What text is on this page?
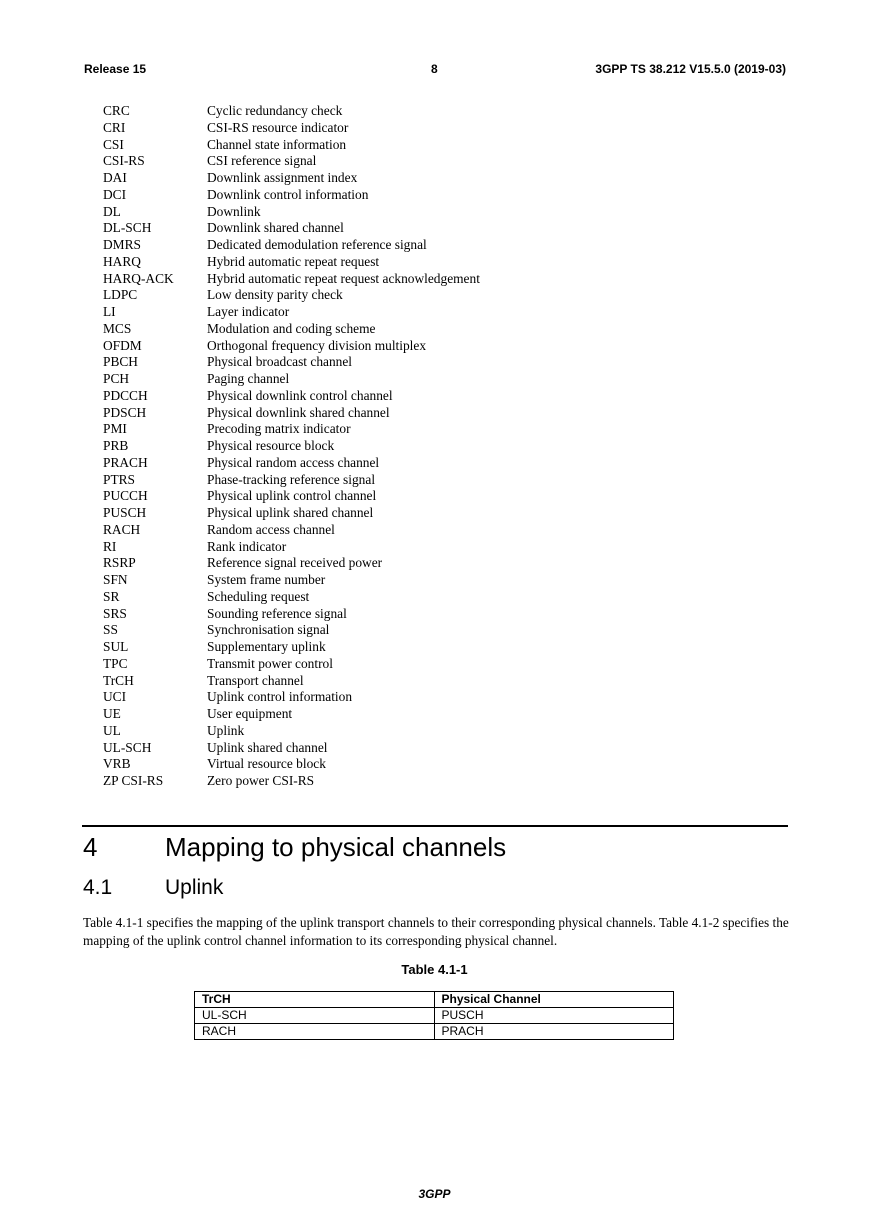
Release 15	8	3GPP TS 38.212 V15.5.0 (2019-03)
CRC	Cyclic redundancy check
CRI	CSI-RS resource indicator
CSI	Channel state information
CSI-RS	CSI reference signal
DAI	Downlink assignment index
DCI	Downlink control information
DL	Downlink
DL-SCH	Downlink shared channel
DMRS	Dedicated demodulation reference signal
HARQ	Hybrid automatic repeat request
HARQ-ACK	Hybrid automatic repeat request acknowledgement
LDPC	Low density parity check
LI	Layer indicator
MCS	Modulation and coding scheme
OFDM	Orthogonal frequency division multiplex
PBCH	Physical broadcast channel
PCH	Paging channel
PDCCH	Physical downlink control channel
PDSCH	Physical downlink shared channel
PMI	Precoding matrix indicator
PRB	Physical resource block
PRACH	Physical random access channel
PTRS	Phase-tracking reference signal
PUCCH	Physical uplink control channel
PUSCH	Physical uplink shared channel
RACH	Random access channel
RI	Rank indicator
RSRP	Reference signal received power
SFN	System frame number
SR	Scheduling request
SRS	Sounding reference signal
SS	Synchronisation signal
SUL	Supplementary uplink
TPC	Transmit power control
TrCH	Transport channel
UCI	Uplink control information
UE	User equipment
UL	Uplink
UL-SCH	Uplink shared channel
VRB	Virtual resource block
ZP CSI-RS	Zero power CSI-RS
4	Mapping to physical channels
4.1	Uplink
Table 4.1-1 specifies the mapping of the uplink transport channels to their corresponding physical channels. Table 4.1-2 specifies the mapping of the uplink control channel information to its corresponding physical channel.
Table 4.1-1
TrCH	Physical Channel
UL-SCH	PUSCH
RACH	PRACH
3GPP
